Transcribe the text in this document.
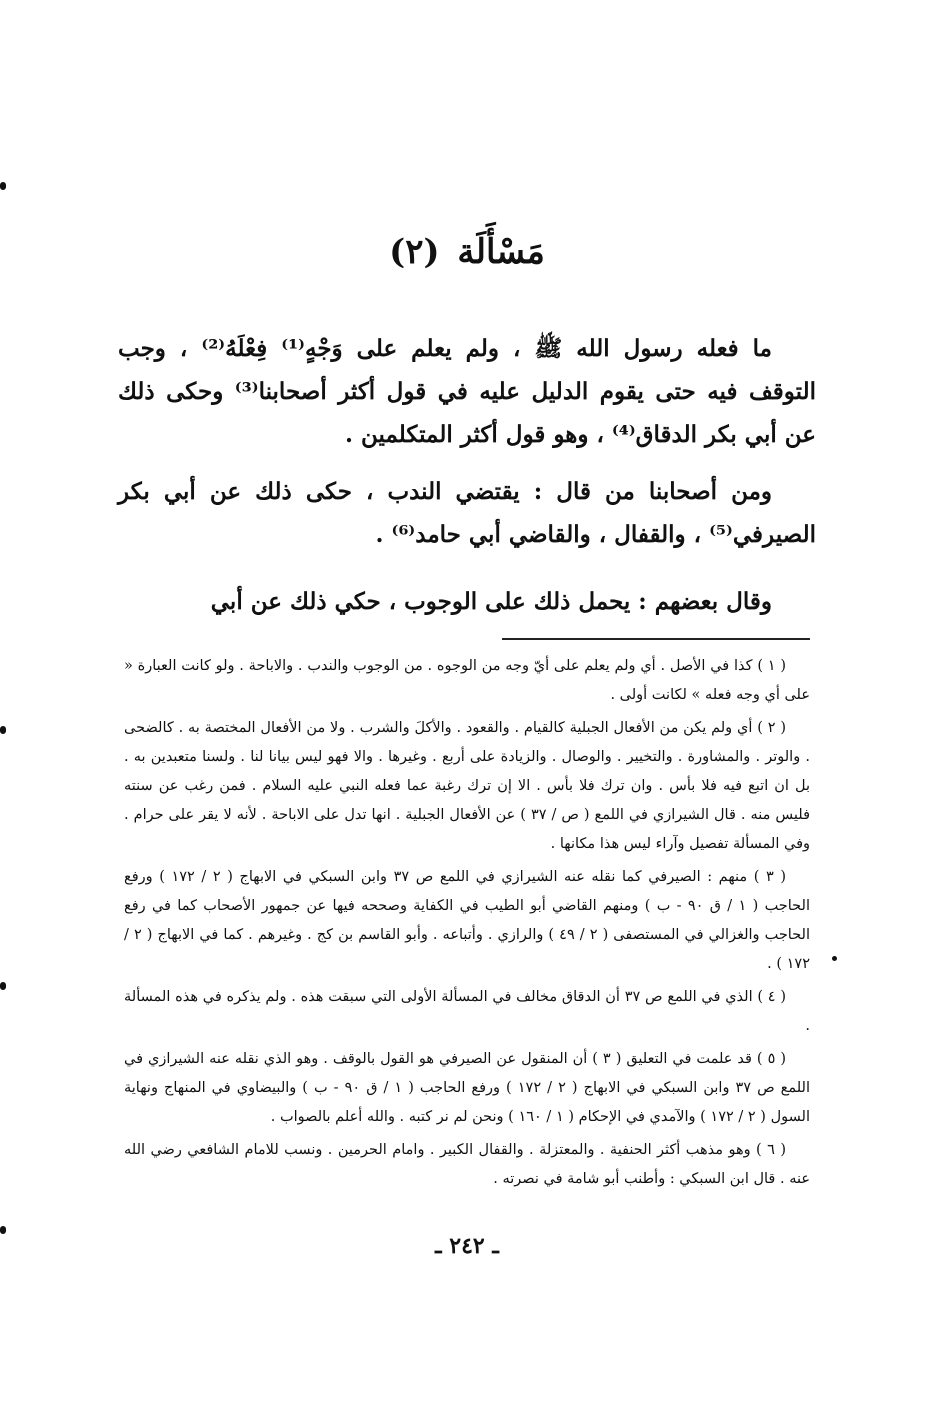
مَسْأَلَة (٢)

ما فعله رسول الله ﷺ ، ولم يعلم على وَجْهٍ⁽¹⁾ فِعْلَهُ⁽²⁾ ، وجب التوقف فيه حتى يقوم الدليل عليه في قول أكثر أصحابنا⁽³⁾ وحكى ذلك عن أبي بكر الدقاق⁽⁴⁾ ، وهو قول أكثر المتكلمين .

ومن أصحابنا من قال : يقتضي الندب ، حكى ذلك عن أبي بكر الصيرفي⁽⁵⁾ ، والقفال ، والقاضي أبي حامد⁽⁶⁾ .

وقال بعضهم : يحمل ذلك على الوجوب ، حكي ذلك عن أبي

( ١ ) كذا في الأصل . أي ولم يعلم على أيّ وجه من الوجوه . من الوجوب والندب . والاباحة . ولو كانت العبارة « على أي وجه فعله » لكانت أولى .

( ٢ ) أي ولم يكن من الأفعال الجبلية كالقيام . والقعود . والأكلَ والشرب . ولا من الأفعال المختصة به . كالضحى . والوتر . والمشاورة . والتخيير . والوصال . والزيادة على أربع . وغيرها . والا فهو ليس بيانا لنا . ولسنا متعبدين به . بل ان اتبع فيه فلا بأس . وان ترك فلا بأس . الا إن ترك رغبة عما فعله النبي عليه السلام . فمن رغب عن سنته فليس منه . قال الشيرازي في اللمع ( ص / ٣٧ ) عن الأفعال الجبلية . انها تدل على الاباحة . لأنه لا يقر على حرام . وفي المسألة تفصيل وآراء ليس هذا مكانها .

( ٣ ) منهم : الصيرفي كما نقله عنه الشيرازي في اللمع ص ٣٧ وابن السبكي في الابهاج ( ٢ / ١٧٢ ) ورفع الحاجب ( ١ / ق ٩٠ - ب ) ومنهم القاضي أبو الطيب في الكفاية وصححه فيها عن جمهور الأصحاب كما في رفع الحاجب والغزالي في المستصفى ( ٢ / ٤٩ ) والرازي . وأتباعه . وأبو القاسم بن كج . وغيرهم . كما في الابهاج ( ٢ / ١٧٢ ) .

( ٤ ) الذي في اللمع ص ٣٧ أن الدقاق مخالف في المسألة الأولى التي سبقت هذه . ولم يذكره في هذه المسألة .

( ٥ ) قد علمت في التعليق ( ٣ ) أن المنقول عن الصيرفي هو القول بالوقف . وهو الذي نقله عنه الشيرازي في اللمع ص ٣٧ وابن السبكي في الابهاج ( ٢ / ١٧٢ ) ورفع الحاجب ( ١ / ق ٩٠ - ب ) والبيضاوي في المنهاج ونهاية السول ( ٢ / ١٧٢ ) والآمدي في الإحكام ( ١ / ١٦٠ ) ونحن لم نر كتبه . والله أعلم بالصواب .

( ٦ ) وهو مذهب أكثر الحنفية . والمعتزلة . والقفال الكبير . وامام الحرمين . ونسب للامام الشافعي رضي الله عنه . قال ابن السبكي : وأطنب أبو شامة في نصرته .

ـ ٢٤٢ ـ
